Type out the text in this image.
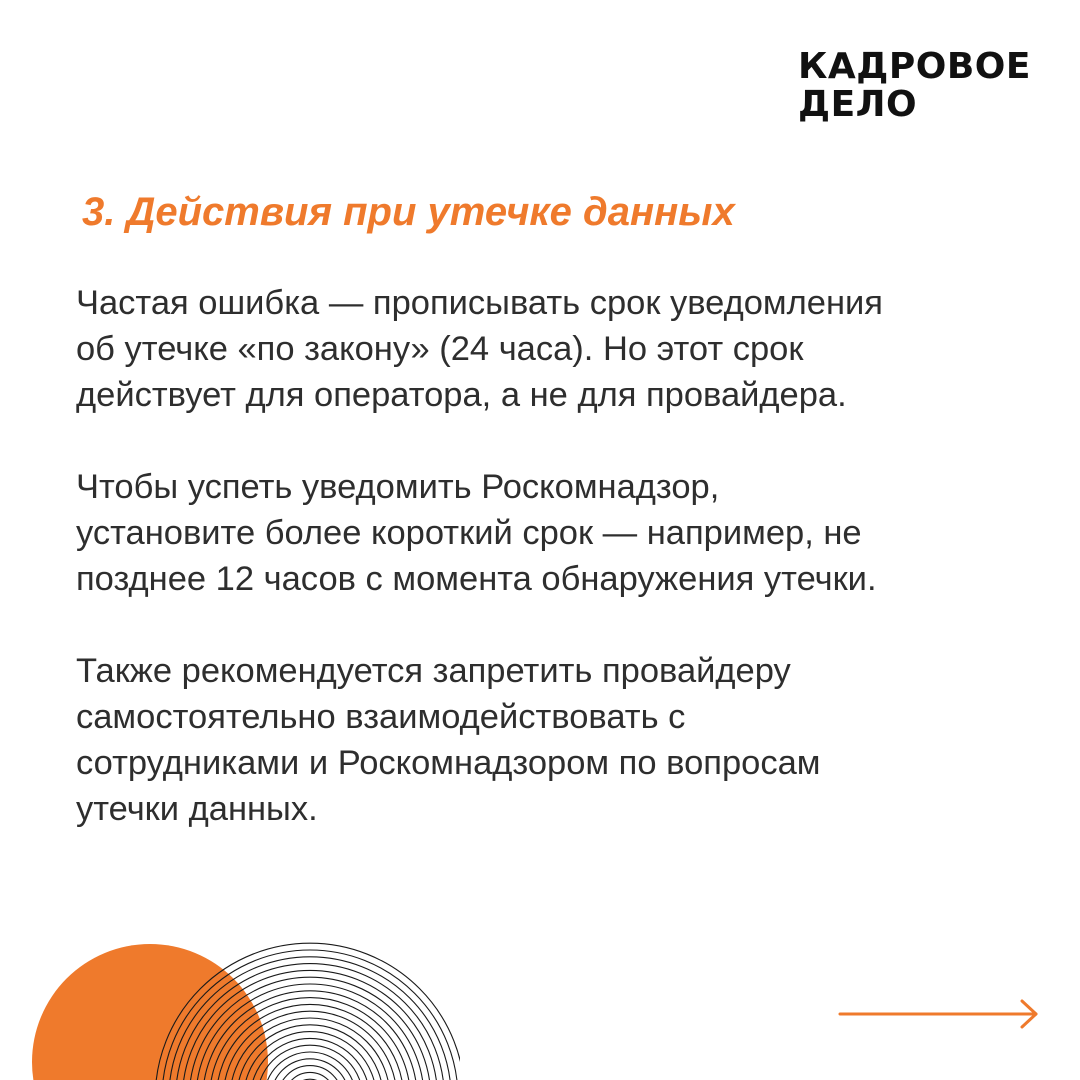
КАДРОВОЕ
ДЕЛО
3. Действия при утечке данных

Частая ошибка — прописывать срок уведомления
об утечке «по закону» (24 часа). Но этот срок
действует для оператора, а не для провайдера.

Чтобы успеть уведомить Роскомнадзор,
установите более короткий срок — например, не
позднее 12 часов с момента обнаружения утечки.

Также рекомендуется запретить провайдеру
самостоятельно взаимодействовать с
сотрудниками и Роскомнадзором по вопросам
утечки данных.
